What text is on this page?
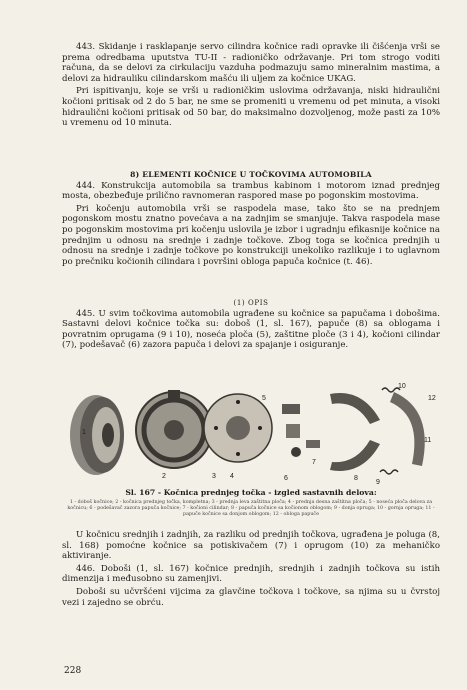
443. Skidanje i rasklapanje servo cilindra kočnice radi opravke ili čišćenja vrši se prema odredbama uputstva TU-II - radioničko održavanje. Pri tom strogo voditi računa, da se delovi za cirkulaciju vazduha podmazuju samo mineralnim mastima, a delovi za hidrauliku cilindarskom mašću ili uljem za kočnice UKAG.

Pri ispitivanju, koje se vrši u radioničkim uslovima održavanja, niski hidraulični kočioni pritisak od 2 do 5 bar, ne sme se promeniti u vremenu od pet minuta, a visoki hidraulični kočioni pritisak od 50 bar, do maksimalno dozvoljenog, može pasti za 10% u vremenu od 10 minuta.

8) ELEMENTI KOČNICE U TOČKOVIMA AUTOMOBILA

444. Konstrukcija automobila sa trambus kabinom i motorom iznad prednjeg mosta, obezbeđuje prilično ravnomeran raspored mase po pogonskim mostovima.

Pri kočenju automobila vrši se raspodela mase, tako što se na prednjem pogonskom mostu znatno povećava a na zadnjim se smanjuje. Takva raspodela mase po pogonskim mostovima pri kočenju uslovila je izbor i ugradnju efikasnije kočnice na prednjim u odnosu na srednje i zadnje točkove. Zbog toga se kočnica prednjih u odnosu na srednje i zadnje točkove po konstrukciji unekoliko razlikuje i to uglavnom po prečniku kočionih cilindara i površini obloga papuča kočnice (t. 46).

(1) OPIS

445. U svim točkovima automobila ugrađene su kočnice sa papučama i dobošima. Sastavni delovi kočnice točka su: doboš (1, sl. 167), papuče (8) sa oblogama i povratnim oprugama (9 i 10), noseća ploča (5), zaštitne ploče (3 i 4), kočioni cilindar (7), podešavač (6) zazora papuča i delovi za spajanje i osiguranje.

1
2	3 4
5
6
7
8
9
10
11
12
Sl. 167 - Kočnica prednjeg točka - izgled sastavnih delova:
1 - doboš kočnice; 2 - kočnica prednjeg točka, kompletna; 3 - prednja leva zaštitna ploča; 4 - prednja desna zaštitna ploča; 5 - noseća ploča delova za kočnicu; 6 - podešavač zazora papuča kočnice; 7 - kočioni cilindar; 8 - papuča kočnice sa kočionom oblogom; 9 - donja opruga; 10 - gornja opruga; 11 - papuče kočnice sa donjom oblogom; 12 - obloga papuče

U kočnicu srednjih i zadnjih, za razliku od prednjih točkova, ugrađena je poluga (8, sl. 168) pomoćne kočnice sa potiskivačem (7) i oprugom (10) za mehaničko aktiviranje.

446. Doboši (1, sl. 167) kočnice prednjih, srednjih i zadnjih točkova su istih dimenzija i međusobno su zamenjivi.

Doboši su učvršćeni vijcima za glavčine točkova i točkove, sa njima su u čvrstoj vezi i zajedno se obrću.

228
